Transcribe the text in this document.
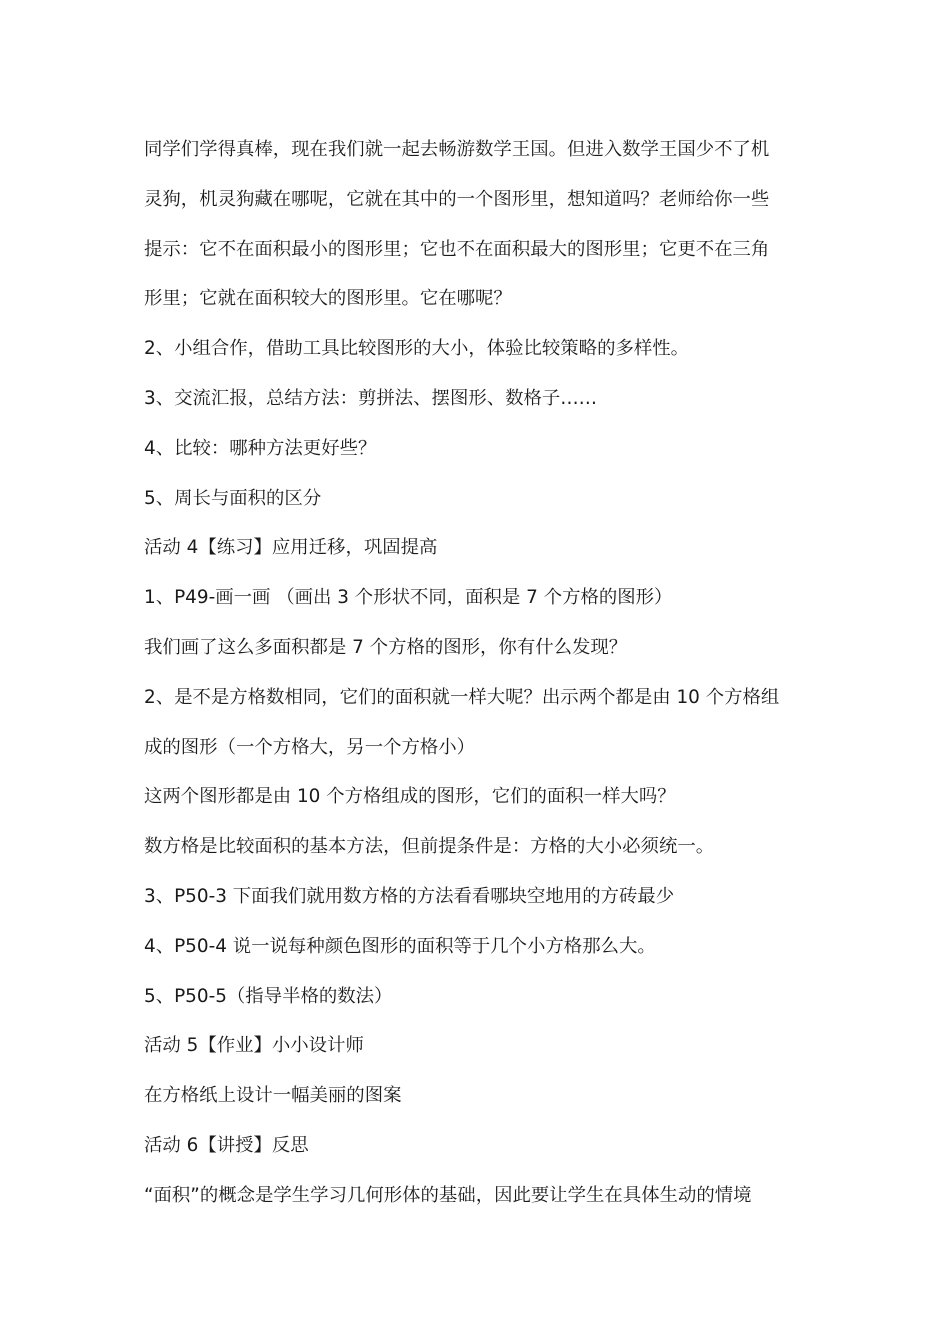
同学们学得真棒，现在我们就一起去畅游数学王国。但进入数学王国少不了机
灵狗，机灵狗藏在哪呢，它就在其中的一个图形里，想知道吗？老师给你一些
提示：它不在面积最小的图形里；它也不在面积最大的图形里；它更不在三角
形里；它就在面积较大的图形里。它在哪呢？
2、小组合作，借助工具比较图形的大小，体验比较策略的多样性。
3、交流汇报，总结方法：剪拼法、摆图形、数格子……
4、比较：哪种方法更好些？
5、周长与面积的区分
活动 4【练习】应用迁移，巩固提高
1、P49-画一画 （画出 3 个形状不同，面积是 7 个方格的图形）
我们画了这么多面积都是 7 个方格的图形，你有什么发现？
2、是不是方格数相同，它们的面积就一样大呢？出示两个都是由 10 个方格组
成的图形（一个方格大，另一个方格小）
这两个图形都是由 10 个方格组成的图形，它们的面积一样大吗？
数方格是比较面积的基本方法，但前提条件是：方格的大小必须统一。
3、P50-3 下面我们就用数方格的方法看看哪块空地用的方砖最少
4、P50-4 说一说每种颜色图形的面积等于几个小方格那么大。
5、P50-5（指导半格的数法）
活动 5【作业】小小设计师
在方格纸上设计一幅美丽的图案
活动 6【讲授】反思
“面积”的概念是学生学习几何形体的基础，因此要让学生在具体生动的情境
